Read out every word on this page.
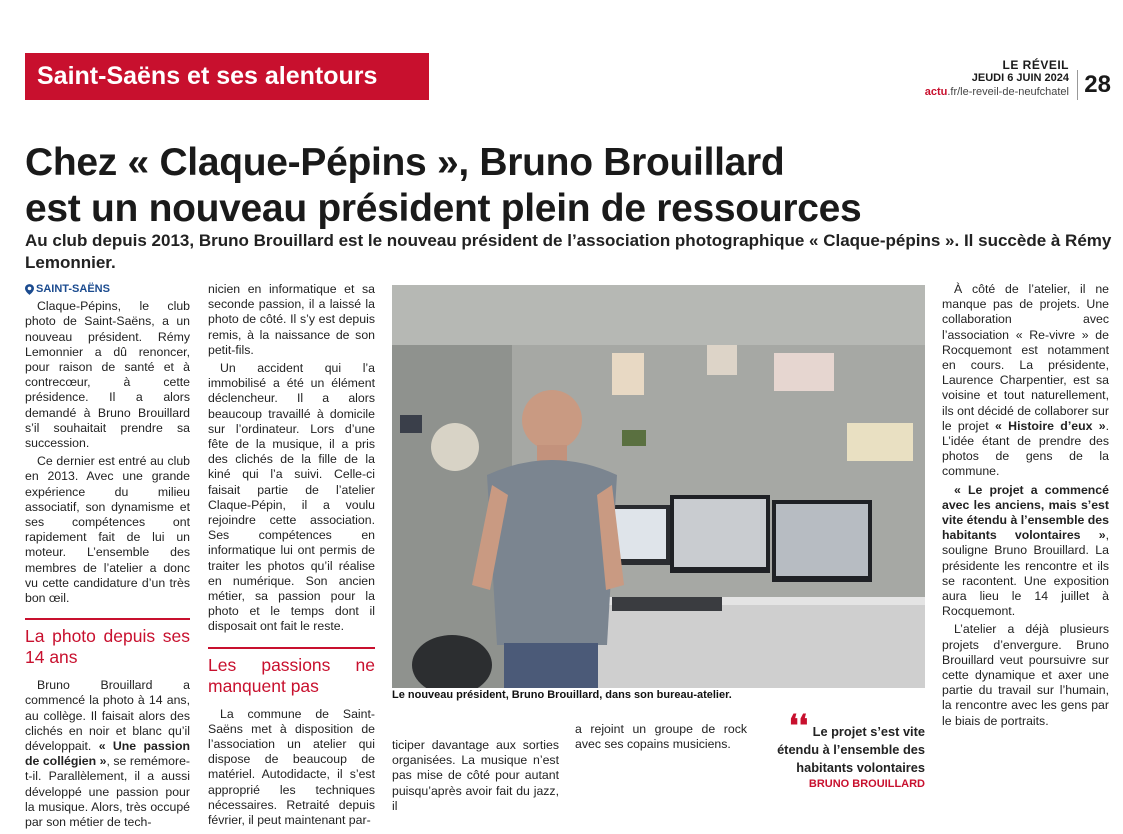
Saint-Saëns et ses alentours	LE RÉVEIL
JEUDI 6 JUIN 2024
actu.fr/le-reveil-de-neufchatel 28
Chez « Claque-Pépins », Bruno Brouillard
est un nouveau président plein de ressources

Au club depuis 2013, Bruno Brouillard est le nouveau président de l’association photographique « Claque-pépins ». Il succède à Rémy Lemonnier.

SAINT-SAËNS

Claque-Pépins, le club photo de Saint-Saëns, a un nouveau président. Rémy Lemonnier a dû renoncer, pour raison de santé et à contrecœur, à cette présidence. Il a alors demandé à Bruno Brouillard s’il souhaitait prendre sa succession.

Ce dernier est entré au club en 2013. Avec une grande expérience du milieu associatif, son dynamisme et ses compétences ont rapidement fait de lui un moteur. L’ensemble des membres de l’atelier a donc vu cette candidature d’un très bon œil.

La photo depuis ses 14 ans

Bruno Brouillard a commencé la photo à 14 ans, au collège. Il faisait alors des clichés en noir et blanc qu’il développait. « Une passion de collégien », se remémore-t-il. Parallèlement, il a aussi développé une passion pour la musique. Alors, très occupé par son métier de tech-

nicien en informatique et sa seconde passion, il a laissé la photo de côté. Il s’y est depuis remis, à la naissance de son petit-fils.

Un accident qui l’a immobilisé a été un élément déclencheur. Il a alors beaucoup travaillé à domicile sur l’ordinateur. Lors d’une fête de la musique, il a pris des clichés de la fille de la kiné qui l’a suivi. Celle-ci faisait partie de l’atelier Claque-Pépin, il a voulu rejoindre cette association. Ses compétences en informatique lui ont permis de traiter les photos qu’il réalise en numérique. Son ancien métier, sa passion pour la photo et le temps dont il disposait ont fait le reste.

Les passions ne manquent pas

La commune de Saint-Saëns met à disposition de l’association un atelier qui dispose de beaucoup de matériel. Autodidacte, il s’est approprié les techniques nécessaires. Retraité depuis février, il peut maintenant par-

Le nouveau président, Bruno Brouillard, dans son bureau-atelier.

ticiper davantage aux sorties organisées. La musique n’est pas mise de côté pour autant puisqu’après avoir fait du jazz, il

a rejoint un groupe de rock avec ses copains musiciens.

❛❛ Le projet s’est vite étendu à l’ensemble des habitants volontaires
BRUNO BROUILLARD

À côté de l’atelier, il ne manque pas de projets. Une collaboration avec l’association « Re-vivre » de Rocquemont est notamment en cours. La présidente, Laurence Charpentier, est sa voisine et tout naturellement, ils ont décidé de collaborer sur le projet « Histoire d’eux ». L’idée étant de prendre des photos de gens de la commune.

« Le projet a commencé avec les anciens, mais s’est vite étendu à l’ensemble des habitants volontaires », souligne Bruno Brouillard. La présidente les rencontre et ils se racontent. Une exposition aura lieu le 14 juillet à Rocquemont.

L’atelier a déjà plusieurs projets d’envergure. Bruno Brouillard veut poursuivre sur cette dynamique et axer une partie du travail sur l’humain, la rencontre avec les gens par le biais de portraits.
